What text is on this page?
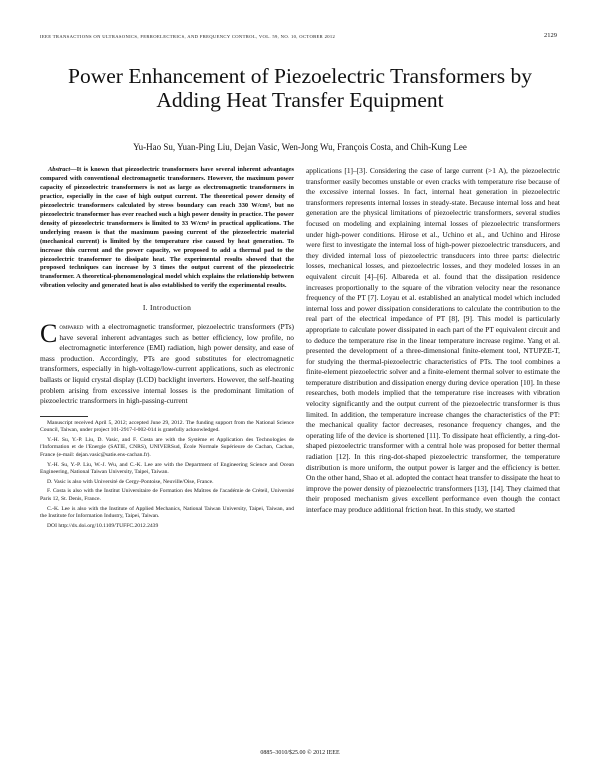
IEEE TRANSACTIONS ON ULTRASONICS, FERROELECTRICS, AND FREQUENCY CONTROL, VOL. 59, NO. 10, OCTOBER 2012	2129
Power Enhancement of Piezoelectric Transformers by Adding Heat Transfer Equipment
Yu-Hao Su, Yuan-Ping Liu, Dejan Vasic, Wen-Jong Wu, François Costa, and Chih-Kung Lee

Abstract—It is known that piezoelectric transformers have several inherent advantages compared with conventional electromagnetic transformers. However, the maximum power capacity of piezoelectric transformers is not as large as electromagnetic transformers in practice, especially in the case of high output current. The theoretical power density of piezoelectric transformers calculated by stress boundary can reach 330 W/cm³, but no piezoelectric transformer has ever reached such a high power density in practice. The power density of piezoelectric transformers is limited to 33 W/cm³ in practical applications. The underlying reason is that the maximum passing current of the piezoelectric material (mechanical current) is limited by the temperature rise caused by heat generation. To increase this current and the power capacity, we proposed to add a thermal pad to the piezoelectric transformer to dissipate heat. The experimental results showed that the proposed techniques can increase by 3 times the output current of the piezoelectric transformer. A theoretical-phenomenological model which explains the relationship between vibration velocity and generated heat is also established to verify the experimental results.

I. Introduction

Compared with a electromagnetic transformer, piezoelectric transformers (PTs) have several inherent advantages such as better efficiency, low profile, no electromagnetic interference (EMI) radiation, high power density, and ease of mass production. Accordingly, PTs are good substitutes for electromagnetic transformers, especially in high-voltage/low-current applications, such as electronic ballasts or liquid crystal display (LCD) backlight inverters. However, the self-heating problem arising from excessive internal losses is the predominant limitation of piezoelectric transformers in high-passing-current

Manuscript received April 5, 2012; accepted June 29, 2012. The funding support from the National Science Council, Taiwan, under project 101-2917-I-002-014 is gratefully acknowledged.

Y.-H. Su, Y.-P. Liu, D. Vasic, and F. Costa are with the Système et Application des Technologies de l'Information et de l'Energie (SATIE, CNRS), UNIVERSud, École Normale Supérieure de Cachan, Cachan, France (e-mail: dejan.vasic@satie.ens-cachan.fr).

Y.-H. Su, Y.-P. Liu, W.-J. Wu, and C.-K. Lee are with the Department of Engineering Science and Ocean Engineering, National Taiwan University, Taipei, Taiwan.

D. Vasic is also with Université de Cergy-Pontoise, Neuville/Oise, France.

F. Costa is also with the Institut Universitaire de Formation des Maîtres de l'académie de Créteil, Université Paris 12, St. Denis, France.

C.-K. Lee is also with the Institute of Applied Mechanics, National Taiwan University, Taipei, Taiwan, and the Institute for Information Industry, Taipei, Taiwan.

DOI http://dx.doi.org/10.1109/TUFFC.2012.2439

applications [1]–[3]. Considering the case of large current (>1 A), the piezoelectric transformer easily becomes unstable or even cracks with temperature rise because of the excessive internal losses. In fact, internal heat generation in piezoelectric transformers represents internal losses in steady-state. Because internal loss and heat generation are the physical limitations of piezoelectric transformers, several studies focused on modeling and explaining internal losses of piezoelectric transformers under high-power conditions. Hirose et al., Uchino et al., and Uchino and Hirose were first to investigate the internal loss of high-power piezoelectric transducers, and they divided internal loss of piezoelectric transducers into three parts: dielectric losses, mechanical losses, and piezoelectric losses, and they modeled losses in an equivalent circuit [4]–[6]. Albareda et al. found that the dissipation residence increases proportionally to the square of the vibration velocity near the resonance frequency of the PT [7]. Loyau et al. established an analytical model which included internal loss and power dissipation considerations to calculate the contribution to the real part of the electrical impedance of PT [8], [9]. This model is particularly appropriate to calculate power dissipated in each part of the PT equivalent circuit and to deduce the temperature rise in the linear temperature increase regime. Yang et al. presented the development of a three-dimensional finite-element tool, NTUPZE-T, for studying the thermal-piezoelectric characteristics of PTs. The tool combines a finite-element piezoelectric solver and a finite-element thermal solver to estimate the temperature distribution and dissipation energy during device operation [10]. In these researches, both models implied that the temperature rise increases with vibration velocity significantly and the output current of the piezoelectric transformer is thus limited. In addition, the temperature increase changes the characteristics of the PT: the mechanical quality factor decreases, resonance frequency changes, and the operating life of the device is shortened [11]. To dissipate heat efficiently, a ring-dot-shaped piezoelectric transformer with a central hole was proposed for better thermal radiation [12]. In this ring-dot-shaped piezoelectric transformer, the temperature distribution is more uniform, the output power is larger and the efficiency is better. On the other hand, Shao et al. adopted the contact heat transfer to dissipate the heat to improve the power density of piezoelectric transformers [13], [14]. They claimed that their proposed mechanism gives excellent performance even though the contact interface may produce additional friction heat. In this study, we started

0885–3010/$25.00 © 2012 IEEE
